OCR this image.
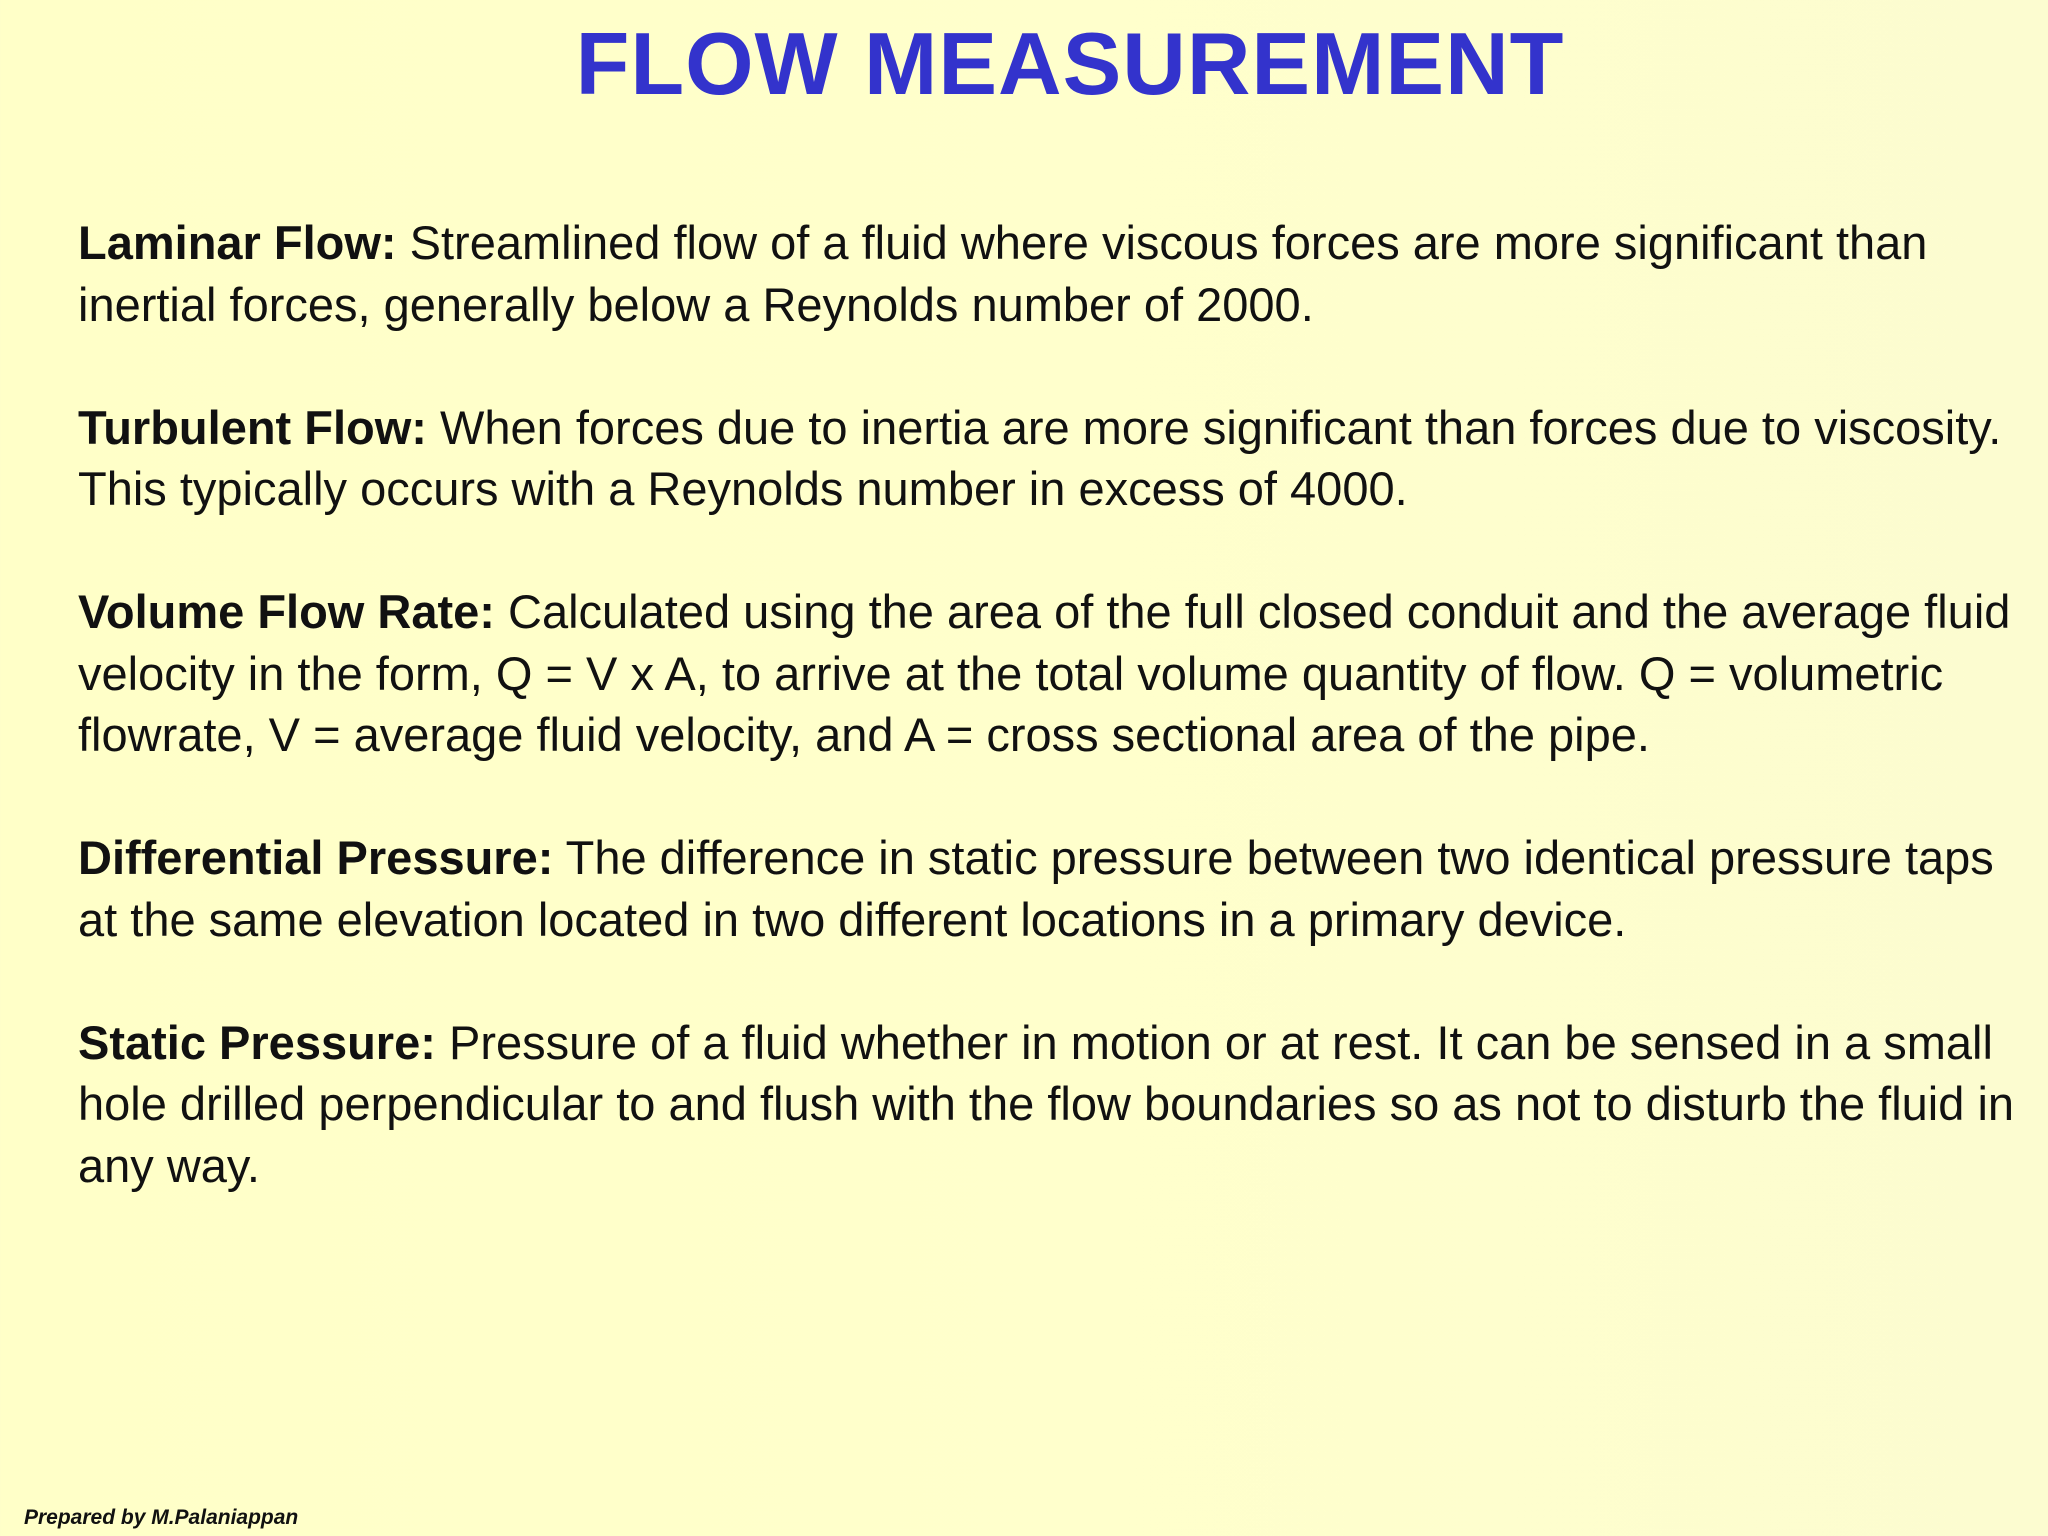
FLOW MEASUREMENT

Laminar Flow: Streamlined flow of a fluid where viscous forces are more significant than inertial forces, generally below a Reynolds number of 2000.

Turbulent Flow: When forces due to inertia are more significant than forces due to viscosity. This typically occurs with a Reynolds number in excess of 4000.

Volume Flow Rate: Calculated using the area of the full closed conduit and the average fluid velocity in the form, Q = V x A, to arrive at the total volume quantity of flow. Q = volumetric flowrate, V = average fluid velocity, and A = cross sectional area of the pipe.

Differential Pressure: The difference in static pressure between two identical pressure taps at the same elevation located in two different locations in a primary device.

Static Pressure: Pressure of a fluid whether in motion or at rest. It can be sensed in a small hole drilled perpendicular to and flush with the flow boundaries so as not to disturb the fluid in any way.

Prepared by M.Palaniappan
